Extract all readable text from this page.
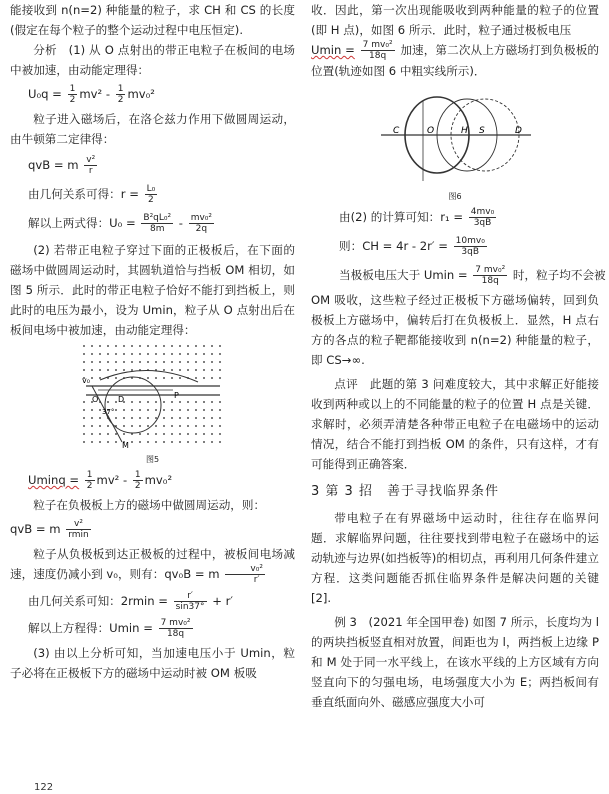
能接收到 n(n=2) 种能量的粒子，求 CH 和 CS 的长度(假定在每个粒子的整个运动过程中电压恒定).

分析　(1) 从 O 点射出的带正电粒子在板间的电场中被加速，由动能定理得：

$U_0q = \frac{1}{2} mv^2 - \frac{1}{2} mv_0^2$

粒子进入磁场后，在洛仑兹力作用下做圆周运动，由牛顿第二定律得：

qvB = m $\frac{\text{v²}}{r}$

由几何关系可得：$r = \frac{\text{L₀}}{2}$

解以上两式得：$U_0 = \frac{\text{B²qL₀²}}{8m} - \frac{\text{mv₀²}}{2q}$

(2) 若带正电粒子穿过下面的正极板后，在下面的磁场中做圆周运动时，其圆轨道恰与挡板 OM 相切，如图 5 所示．此时的带正电粒子恰好不能打到挡板上，则此时的电压为最小，设为 Umin，粒子从 O 点射出后在板间电场中被加速，由动能定理得：

v₀
O D	P
M
37°
图5

$Uminq = \frac{1}{2} mv^2 - \frac{1}{2} mv_0^2$

粒子在负极板上方的磁场中做圆周运动，则：

qvB = m $\frac{\text{v²}}{rmin}$

粒子从负极板到达正极板的过程中，被板间电场减速，速度仍减小到 v₀，则有：qv₀B = m $\frac{\text{v₀²}}{r'}$

由几何关系可知：$2rmin = \frac{r'}{\sin 37^\circ} + r'$

解以上方程得：$Umin = \frac{\text{7 mv₀²}}{18q}$

(3) 由以上分析可知，当加速电压小于 Umin，粒子必将在正极板下方的磁场中运动时被 OM 板吸

收．因此，第一次出现能吸收到两种能量的粒子的位置(即 H 点)，如图 6 所示．此时，粒子通过极板电压

$Umin = \frac{\text{7 mv₀²}}{18q}$ 加速，第二次从上方磁场打到负极板的位置(轨迹如图 6 中粗实线所示)．

C	O	H S	D
图6

由(2) 的计算可知：$r_1 = \frac{\text{4mv₀}}{3qB}$

则：CH = $4r - 2r' = \frac{\text{10mv₀}}{3qB}$

当极板电压大于 $Umin = \frac{\text{7 mv₀²}}{18q}$ 时，粒子均不会被

OM 吸收，这些粒子经过正极板下方磁场偏转，回到负极板上方磁场中，偏转后打在负极板上．显然，H 点右方的各点的粒子靶都能接收到 n(n=2) 种能量的粒子，即 CS→∞.

点评　此题的第 3 问难度较大，其中求解正好能接收到两种或以上的不同能量的粒子的位置 H 点是关键．求解时，必须弄清楚各种带正电粒子在电磁场中的运动情况，结合不能打到挡板 OM 的条件，只有这样，才有可能得到正确答案．

3 第 3 招　善于寻找临界条件

带电粒子在有界磁场中运动时，往往存在临界问题．求解临界问题，往往要找到带电粒子在磁场中的运动轨迹与边界(如挡板等)的相切点，再利用几何条件建立方程．这类问题能否抓住临界条件是解决问题的关键 [2].

例 3　(2021 年全国甲卷) 如图 7 所示，长度均为 l 的两块挡板竖直相对放置，间距也为 l，两挡板上边缘 P 和 M 处于同一水平线上，在该水平线的上方区域有方向竖直向下的匀强电场，电场强度大小为 E；两挡板间有垂直纸面向外、磁感应强度大小可

122
